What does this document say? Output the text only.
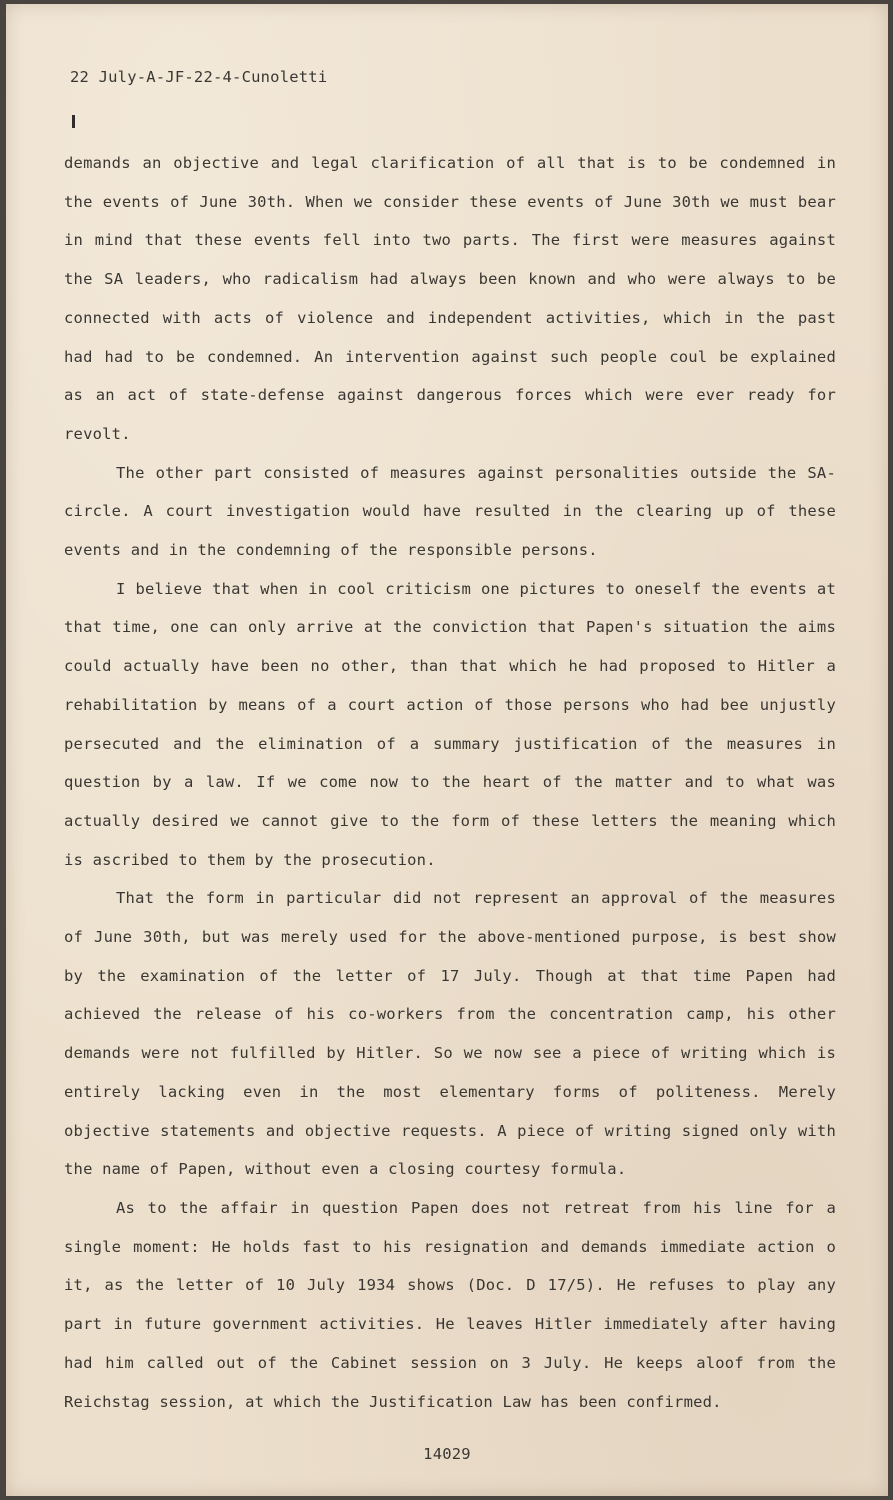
22 July-A-JF-22-4-Cunoletti

demands an objective and legal clarification of all that is to be condemned in the events of June 30th. When we consider these events of June 30th we must bear in mind that these events fell into two parts. The first were measures against the SA leaders, who radicalism had always been known and who were always to be connected with acts of violence and independent activities, which in the past had had to be condemned. An intervention against such people coul be explained as an act of state-defense against dangerous forces which were ever ready for revolt.

The other part consisted of measures against personalities outside the SA-circle. A court investigation would have resulted in the clearing up of these events and in the condemning of the responsible persons.

I believe that when in cool criticism one pictures to oneself the events at that time, one can only arrive at the conviction that Papen's situation the aims could actually have been no other, than that which he had proposed to Hitler a rehabilitation by means of a court action of those persons who had bee unjustly persecuted and the elimination of a summary justification of the measures in question by a law. If we come now to the heart of the matter and to what was actually desired we cannot give to the form of these letters the meaning which is ascribed to them by the prosecution.

That the form in particular did not represent an approval of the measures of June 30th, but was merely used for the above-mentioned purpose, is best show by the examination of the letter of 17 July. Though at that time Papen had achieved the release of his co-workers from the concentration camp, his other demands were not fulfilled by Hitler. So we now see a piece of writing which is entirely lacking even in the most elementary forms of politeness. Merely objective statements and objective requests. A piece of writing signed only with the name of Papen, without even a closing courtesy formula.

As to the affair in question Papen does not retreat from his line for a single moment: He holds fast to his resignation and demands immediate action o it, as the letter of 10 July 1934 shows (Doc. D 17/5). He refuses to play any part in future government activities. He leaves Hitler immediately after having had him called out of the Cabinet session on 3 July. He keeps aloof from the Reichstag session, at which the Justification Law has been confirmed.

14029
